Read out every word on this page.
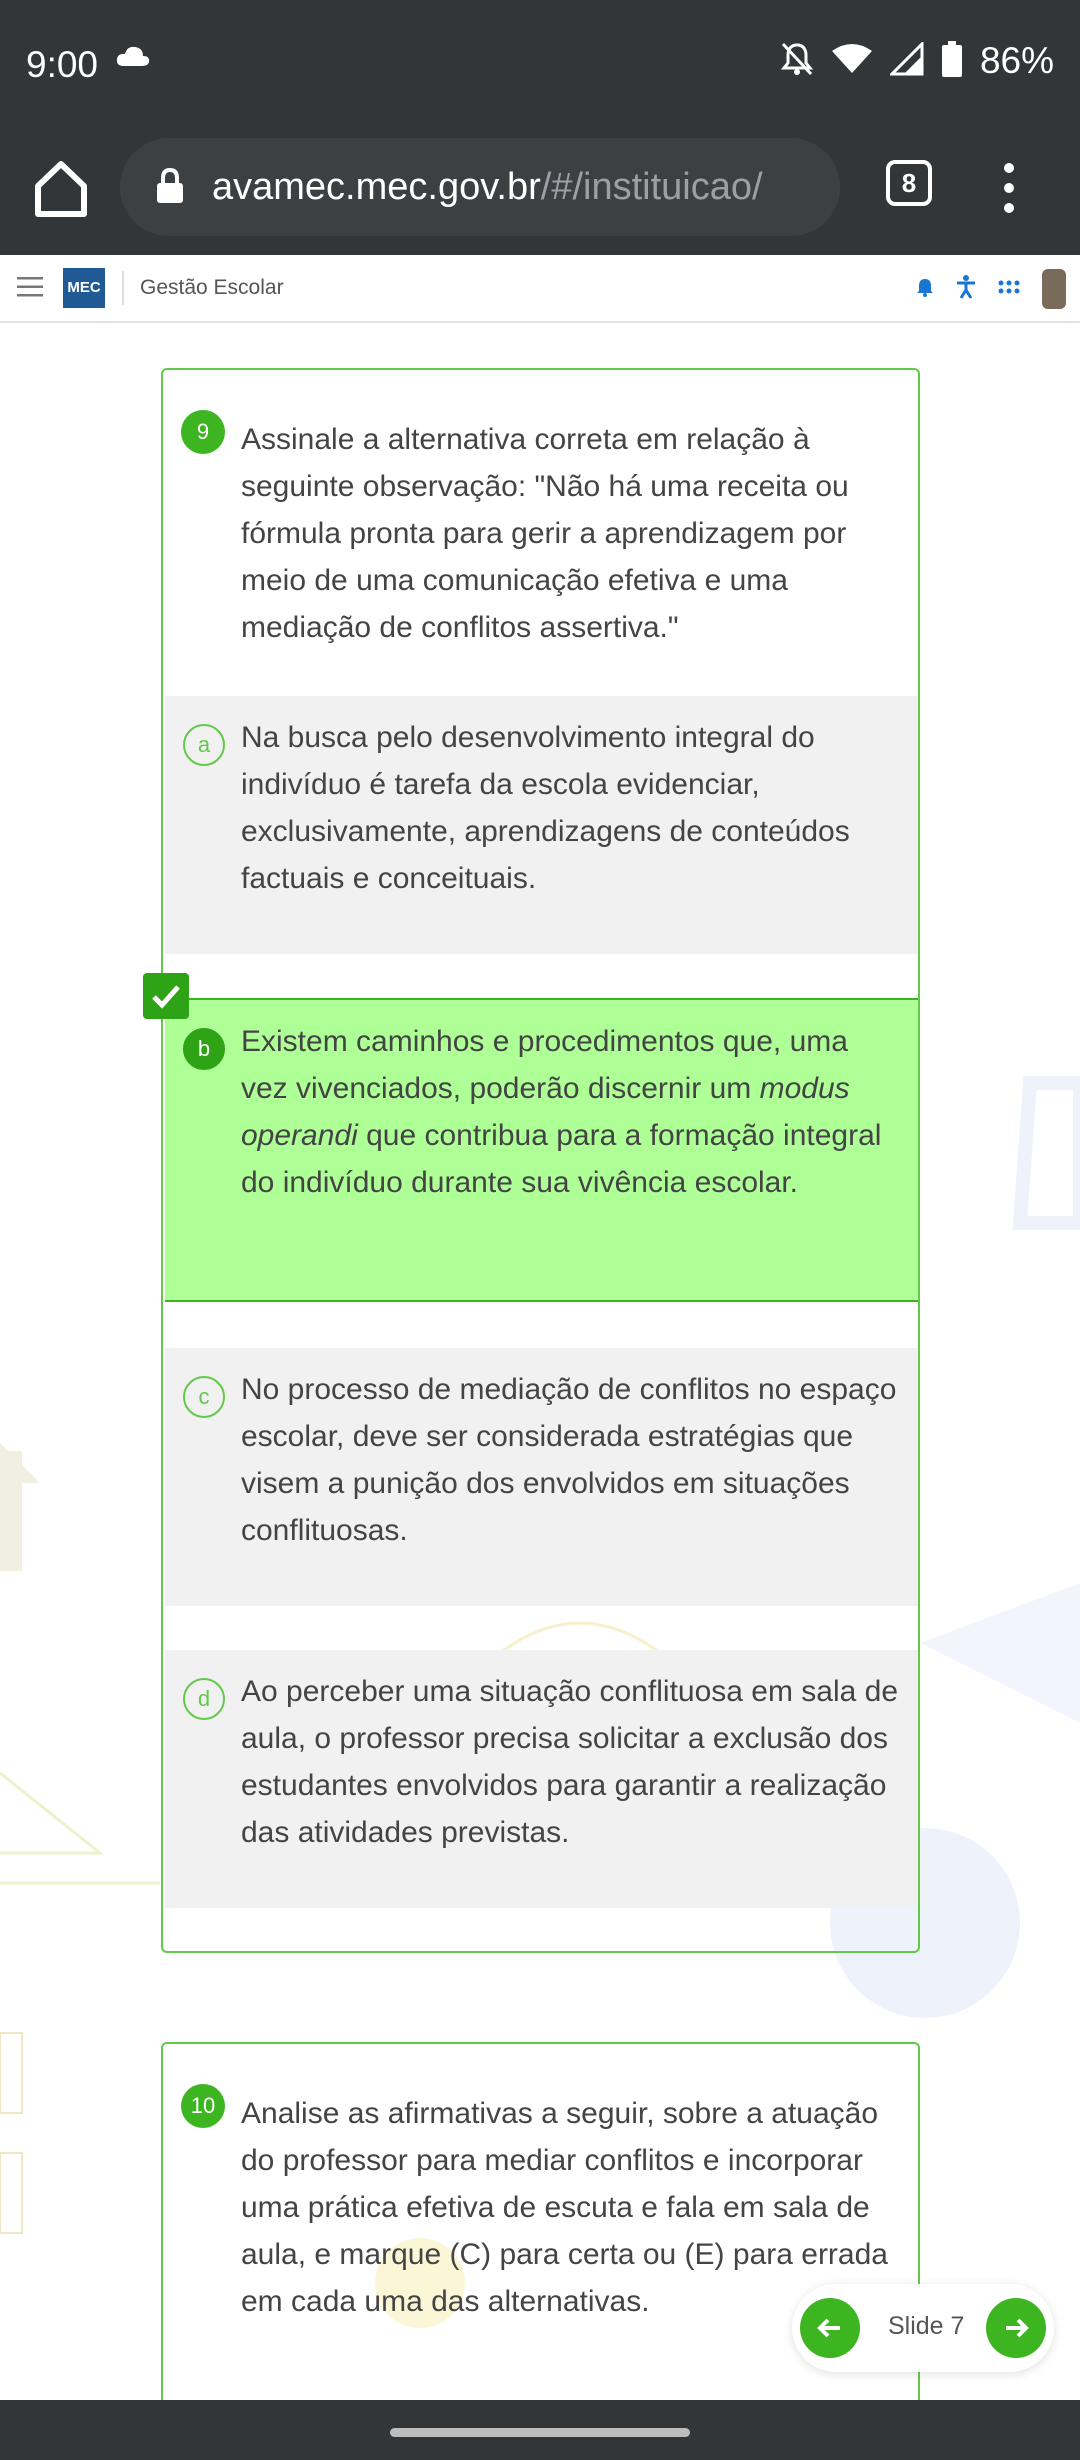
9:00	86%
avamec.mec.gov.br/#/instituicao/	8
MEC Gestão Escolar
9	Assinale a alternativa correta em relação à seguinte observação: "Não há uma receita ou fórmula pronta para gerir a aprendizagem por meio de uma comunicação efetiva e uma mediação de conflitos assertiva."
a	Na busca pelo desenvolvimento integral do indivíduo é tarefa da escola evidenciar, exclusivamente, aprendizagens de conteúdos factuais e conceituais.
b	Existem caminhos e procedimentos que, uma vez vivenciados, poderão discernir um modus operandi que contribua para a formação integral do indivíduo durante sua vivência escolar.
c	No processo de mediação de conflitos no espaço escolar, deve ser considerada estratégias que visem a punição dos envolvidos em situações conflituosas.
d	Ao perceber uma situação conflituosa em sala de aula, o professor precisa solicitar a exclusão dos estudantes envolvidos para garantir a realização das atividades previstas.
10 Analise as afirmativas a seguir, sobre a atuação do professor para mediar conflitos e incorporar uma prática efetiva de escuta e fala em sala de aula, e marque (C) para certa ou (E) para errada em cada uma das alternativas.
Slide 7
